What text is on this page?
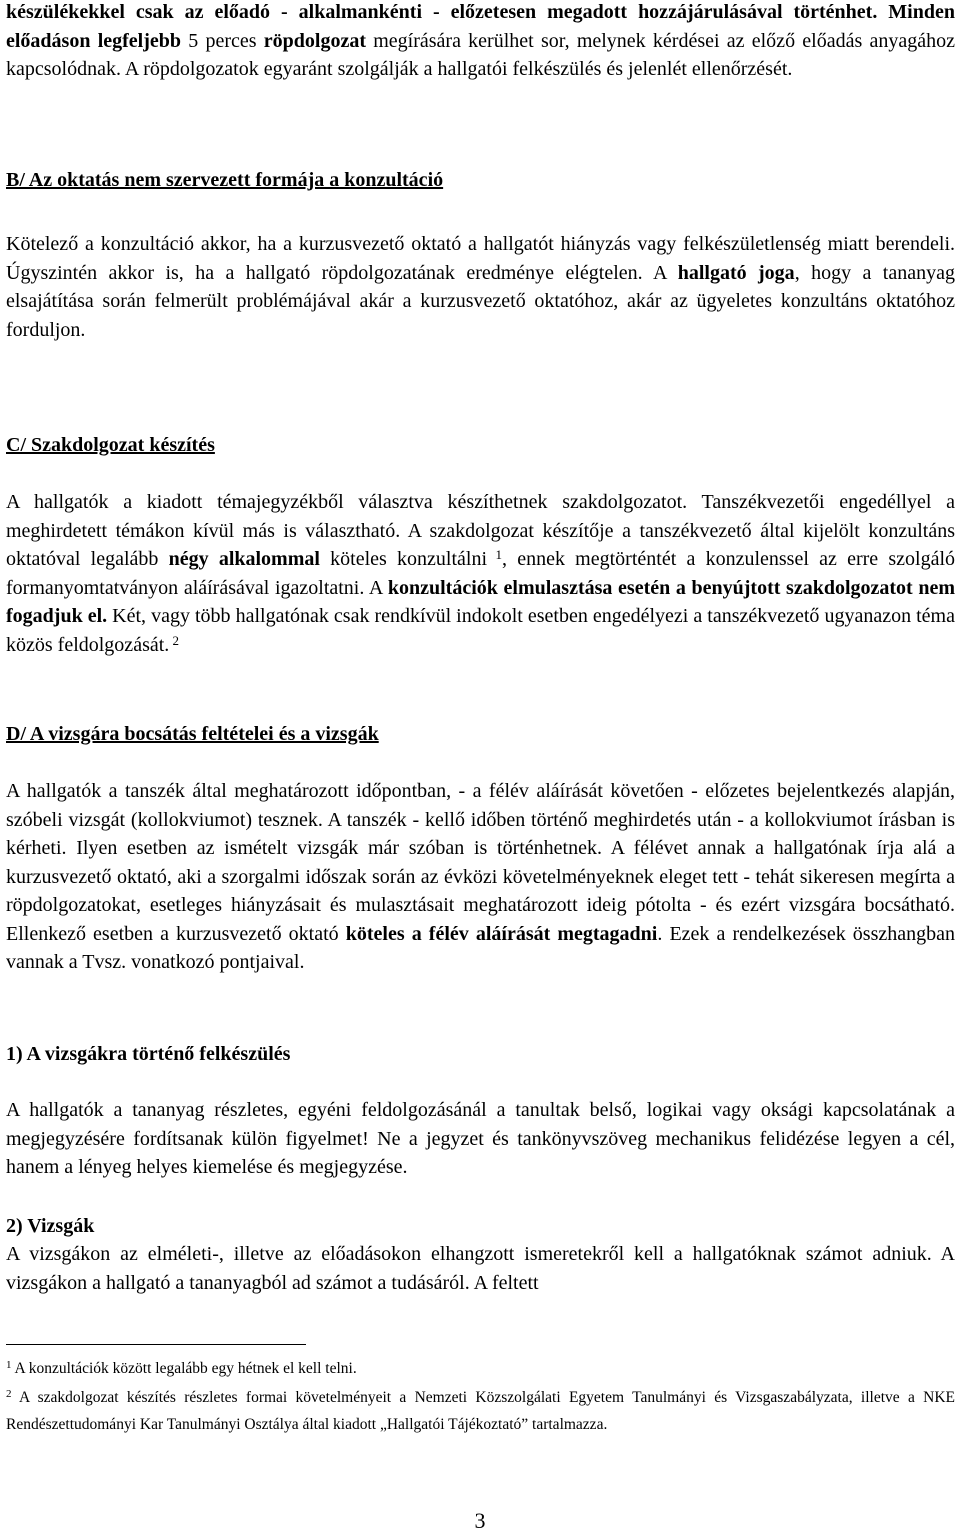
készülékekkel csak az előadó - alkalmankénti - előzetesen megadott hozzájárulásával történhet. Minden előadáson legfeljebb 5 perces röpdolgozat megírására kerülhet sor, melynek kérdései az előző előadás anyagához kapcsolódnak. A röpdolgozatok egyaránt szolgálják a hallgatói felkészülés és jelenlét ellenőrzését.

B/ Az oktatás nem szervezett formája a konzultáció

Kötelező a konzultáció akkor, ha a kurzusvezető oktató a hallgatót hiányzás vagy felkészületlenség miatt berendeli. Úgyszintén akkor is, ha a hallgató röpdolgozatának eredménye elégtelen. A hallgató joga, hogy a tananyag elsajátítása során felmerült problémájával akár a kurzusvezető oktatóhoz, akár az ügyeletes konzultáns oktatóhoz forduljon.

C/ Szakdolgozat készítés

A hallgatók a kiadott témajegyzékből választva készíthetnek szakdolgozatot. Tanszékvezetői engedéllyel a meghirdetett témákon kívül más is választható. A szakdolgozat készítője a tanszékvezető által kijelölt konzultáns oktatóval legalább négy alkalommal köteles konzultálni $^1$, ennek megtörténtét a konzulenssel az erre szolgáló formanyomtatványon aláírásával igazoltatni. A konzultációk elmulasztása esetén a benyújtott szakdolgozatot nem fogadjuk el. Két, vagy több hallgatónak csak rendkívül indokolt esetben engedélyezi a tanszékvezető ugyanazon téma közös feldolgozását. $^2$

D/ A vizsgára bocsátás feltételei és a vizsgák

A hallgatók a tanszék által meghatározott időpontban, - a félév aláírását követően - előzetes bejelentkezés alapján, szóbeli vizsgát (kollokviumot) tesznek. A tanszék - kellő időben történő meghirdetés után - a kollokviumot írásban is kérheti. Ilyen esetben az ismételt vizsgák már szóban is történhetnek. A félévet annak a hallgatónak írja alá a kurzusvezető oktató, aki a szorgalmi időszak során az évközi követelményeknek eleget tett - tehát sikeresen megírta a röpdolgozatokat, esetleges hiányzásait és mulasztásait meghatározott ideig pótolta - és ezért vizsgára bocsátható. Ellenkező esetben a kurzusvezető oktató köteles a félév aláírását megtagadni. Ezek a rendelkezések összhangban vannak a Tvsz. vonatkozó pontjaival.

1) A vizsgákra történő felkészülés

A hallgatók a tananyag részletes, egyéni feldolgozásánál a tanultak belső, logikai vagy oksági kapcsolatának a megjegyzésére fordítsanak külön figyelmet! Ne a jegyzet és tankönyvszöveg mechanikus felidézése legyen a cél, hanem a lényeg helyes kiemelése és megjegyzése.

2) Vizsgák

A vizsgákon az elméleti-, illetve az előadásokon elhangzott ismeretekről kell a hallgatóknak számot adniuk. A vizsgákon a hallgató a tananyagból ad számot a tudásáról. A feltett

$^1$ A konzultációk között legalább egy hétnek el kell telni.
$^2$ A szakdolgozat készítés részletes formai követelményeit a Nemzeti Közszolgálati Egyetem Tanulmányi és Vizsgaszabályzata, illetve a NKE Rendészettudományi Kar Tanulmányi Osztálya által kiadott „Hallgatói Tájékoztató” tartalmazza.
3
